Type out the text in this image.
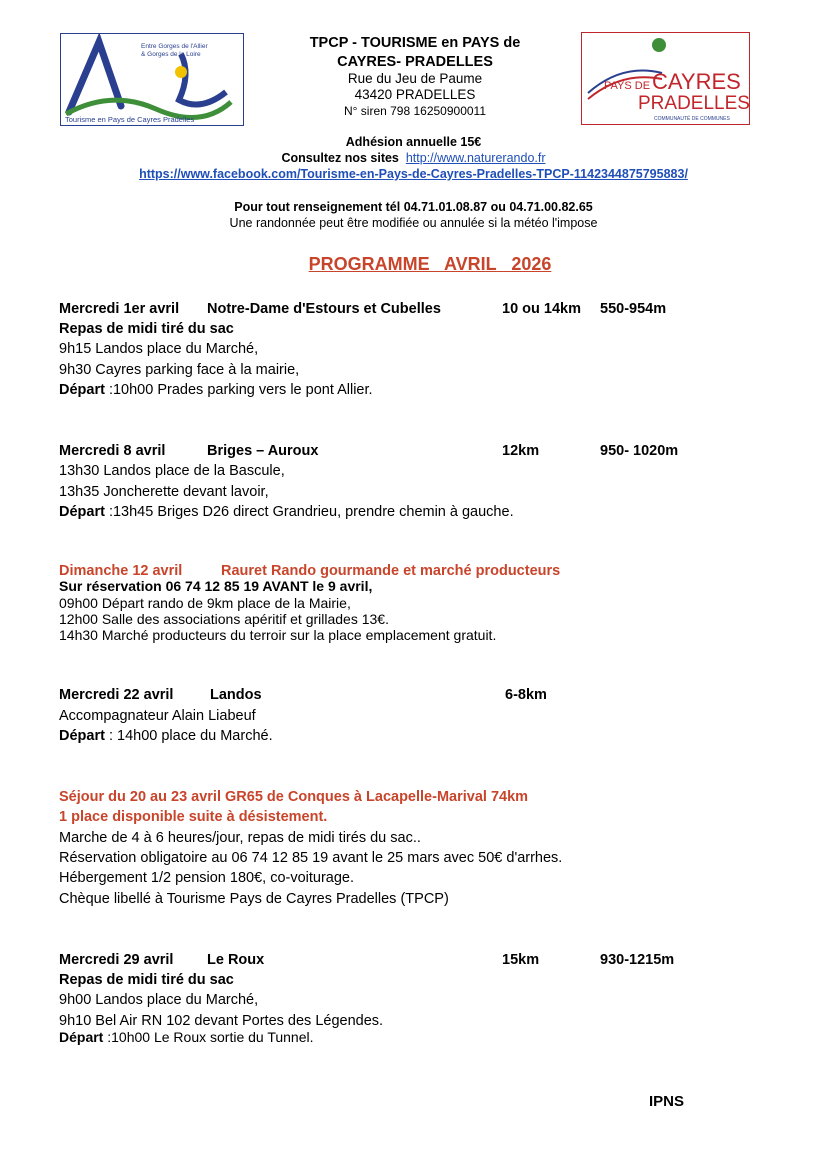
Entre Gorges de l'Allier
& Gorges de la Loire
Tourisme en Pays de Cayres Pradelles
TPCP - TOURISME en PAYS de
CAYRES- PRADELLES
Rue du Jeu de Paume
43420 PRADELLES
N° siren 798 16250900011
PAYS DE CAYRES
PRADELLES
COMMUNAUTÉ DE COMMUNES
Adhésion annuelle 15€
Consultez nos sites http://www.naturerando.fr
https://www.facebook.com/Tourisme-en-Pays-de-Cayres-Pradelles-TPCP-1142344875795883/
Pour tout renseignement tél 04.71.01.08.87 ou 04.71.00.82.65
Une randonnée peut être modifiée ou annulée si la météo l'impose
PROGRAMME   AVRIL   2026
Mercredi 1er avril Notre-Dame d'Estours et Cubelles	10 ou 14km 550-954m
Repas de midi tiré du sac
9h15 Landos place du Marché,
9h30 Cayres parking face à la mairie,
Départ :10h00 Prades parking vers le pont Allier.
Mercredi 8 avril	Briges – Auroux	12km	950- 1020m
13h30 Landos place de la Bascule,
13h35 Joncherette devant lavoir,
Départ :13h45 Briges D26 direct Grandrieu, prendre chemin à gauche.
Dimanche 12 avril	Rauret Rando gourmande et marché producteurs
Sur réservation 06 74 12 85 19 AVANT le 9 avril,
09h00 Départ rando de 9km place de la Mairie,
12h00 Salle des associations apéritif et grillades 13€.
14h30 Marché producteurs du terroir sur la place emplacement gratuit.
Mercredi 22 avril	Landos	6-8km
Accompagnateur Alain Liabeuf
Départ : 14h00 place du Marché.
Séjour du 20 au 23 avril GR65 de Conques à Lacapelle-Marival 74km
1 place disponible suite à désistement.
Marche de 4 à 6 heures/jour, repas de midi tirés du sac..
Réservation obligatoire au 06 74 12 85 19 avant le 25 mars avec 50€ d'arrhes.
Hébergement 1/2 pension 180€, co-voiturage.
Chèque libellé à Tourisme Pays de Cayres Pradelles (TPCP)
Mercredi 29 avril Le Roux	15km	930-1215m
Repas de midi tiré du sac
9h00 Landos place du Marché,
9h10 Bel Air RN 102 devant Portes des Légendes.
Départ :10h00 Le Roux sortie du Tunnel.
IPNS
